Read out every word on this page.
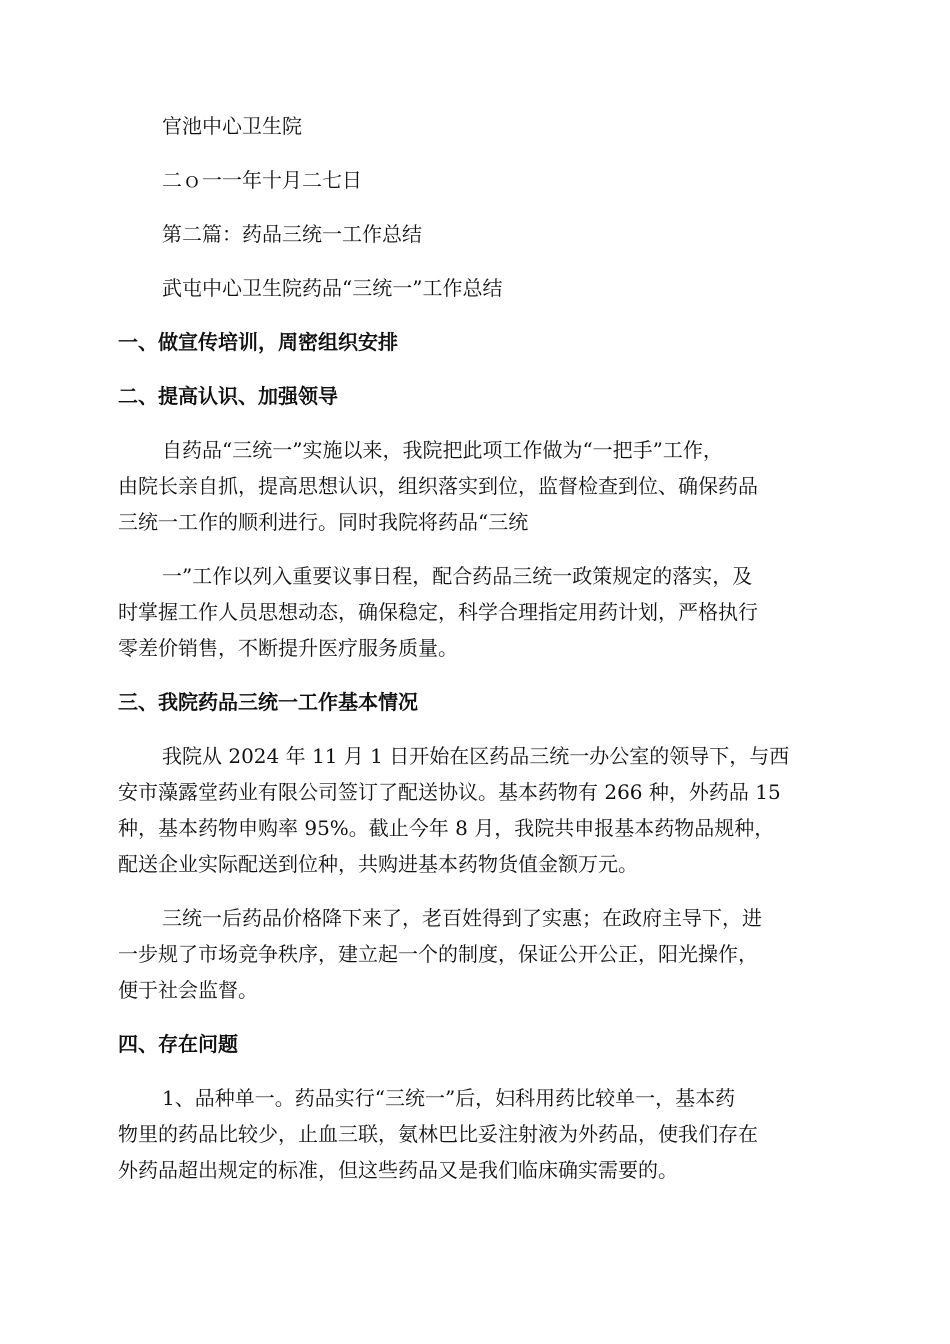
官池中心卫生院

二ｏ一一年十月二七日

第二篇：药品三统一工作总结

武屯中心卫生院药品“三统一”工作总结

一、做宣传培训，周密组织安排

二、提高认识、加强领导

自药品“三统一”实施以来，我院把此项工作做为“一把手”工作，

由院长亲自抓，提高思想认识，组织落实到位，监督检查到位、确保药品

三统一工作的顺利进行。同时我院将药品“三统

一”工作以列入重要议事日程，配合药品三统一政策规定的落实，及

时掌握工作人员思想动态，确保稳定，科学合理指定用药计划，严格执行

零差价销售，不断提升医疗服务质量。

三、我院药品三统一工作基本情况

我院从 2024 年 11 月 1 日开始在区药品三统一办公室的领导下，与西

安市藻露堂药业有限公司签订了配送协议。基本药物有 266 种，外药品 15

种，基本药物申购率 95%。截止今年 8 月，我院共申报基本药物品规种，

配送企业实际配送到位种，共购进基本药物货值金额万元。

三统一后药品价格降下来了，老百姓得到了实惠；在政府主导下，进

一步规了市场竞争秩序，建立起一个的制度，保证公开公正，阳光操作，

便于社会监督。

四、存在问题

1、品种单一。药品实行“三统一”后，妇科用药比较单一，基本药

物里的药品比较少，止血三联，氨林巴比妥注射液为外药品，使我们存在

外药品超出规定的标准，但这些药品又是我们临床确实需要的。
